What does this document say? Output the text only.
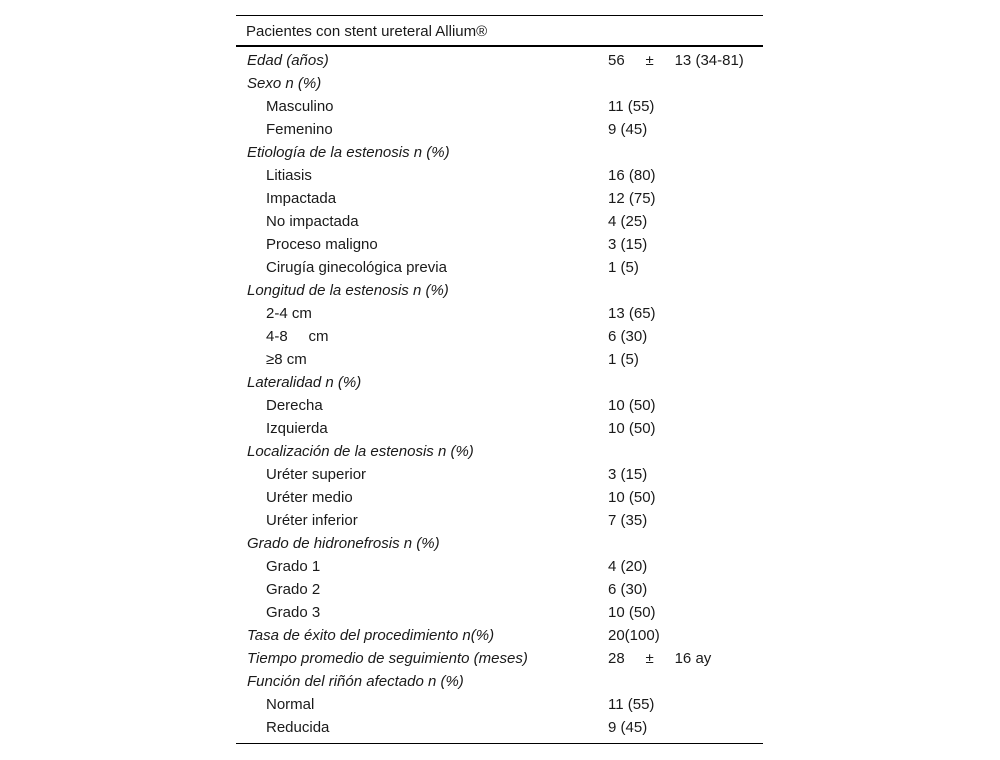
Pacientes con stent ureteral Allium®
Edad (años)	56     ±     13 (34-81)
Sexo n (%)	
Masculino	11 (55)
Femenino	9 (45)
Etiología de la estenosis n (%)	
Litiasis	16 (80)
Impactada	12 (75)
No impactada	4 (25)
Proceso maligno	3 (15)
Cirugía ginecológica previa	1 (5)
Longitud de la estenosis n (%)	
2-4 cm	13 (65)
4-8     cm	6 (30)
≥8 cm	1 (5)
Lateralidad n (%)	
Derecha	10 (50)
Izquierda	10 (50)
Localización de la estenosis n (%)	
Uréter superior	3 (15)
Uréter medio	10 (50)
Uréter inferior	7 (35)
Grado de hidronefrosis n (%)	
Grado 1	4 (20)
Grado 2	6 (30)
Grado 3	10 (50)
Tasa de éxito del procedimiento n(%)	20(100)
Tiempo promedio de seguimiento (meses)	28     ±     16 ay
Función del riñón afectado n (%)	
Normal	11 (55)
Reducida	9 (45)
